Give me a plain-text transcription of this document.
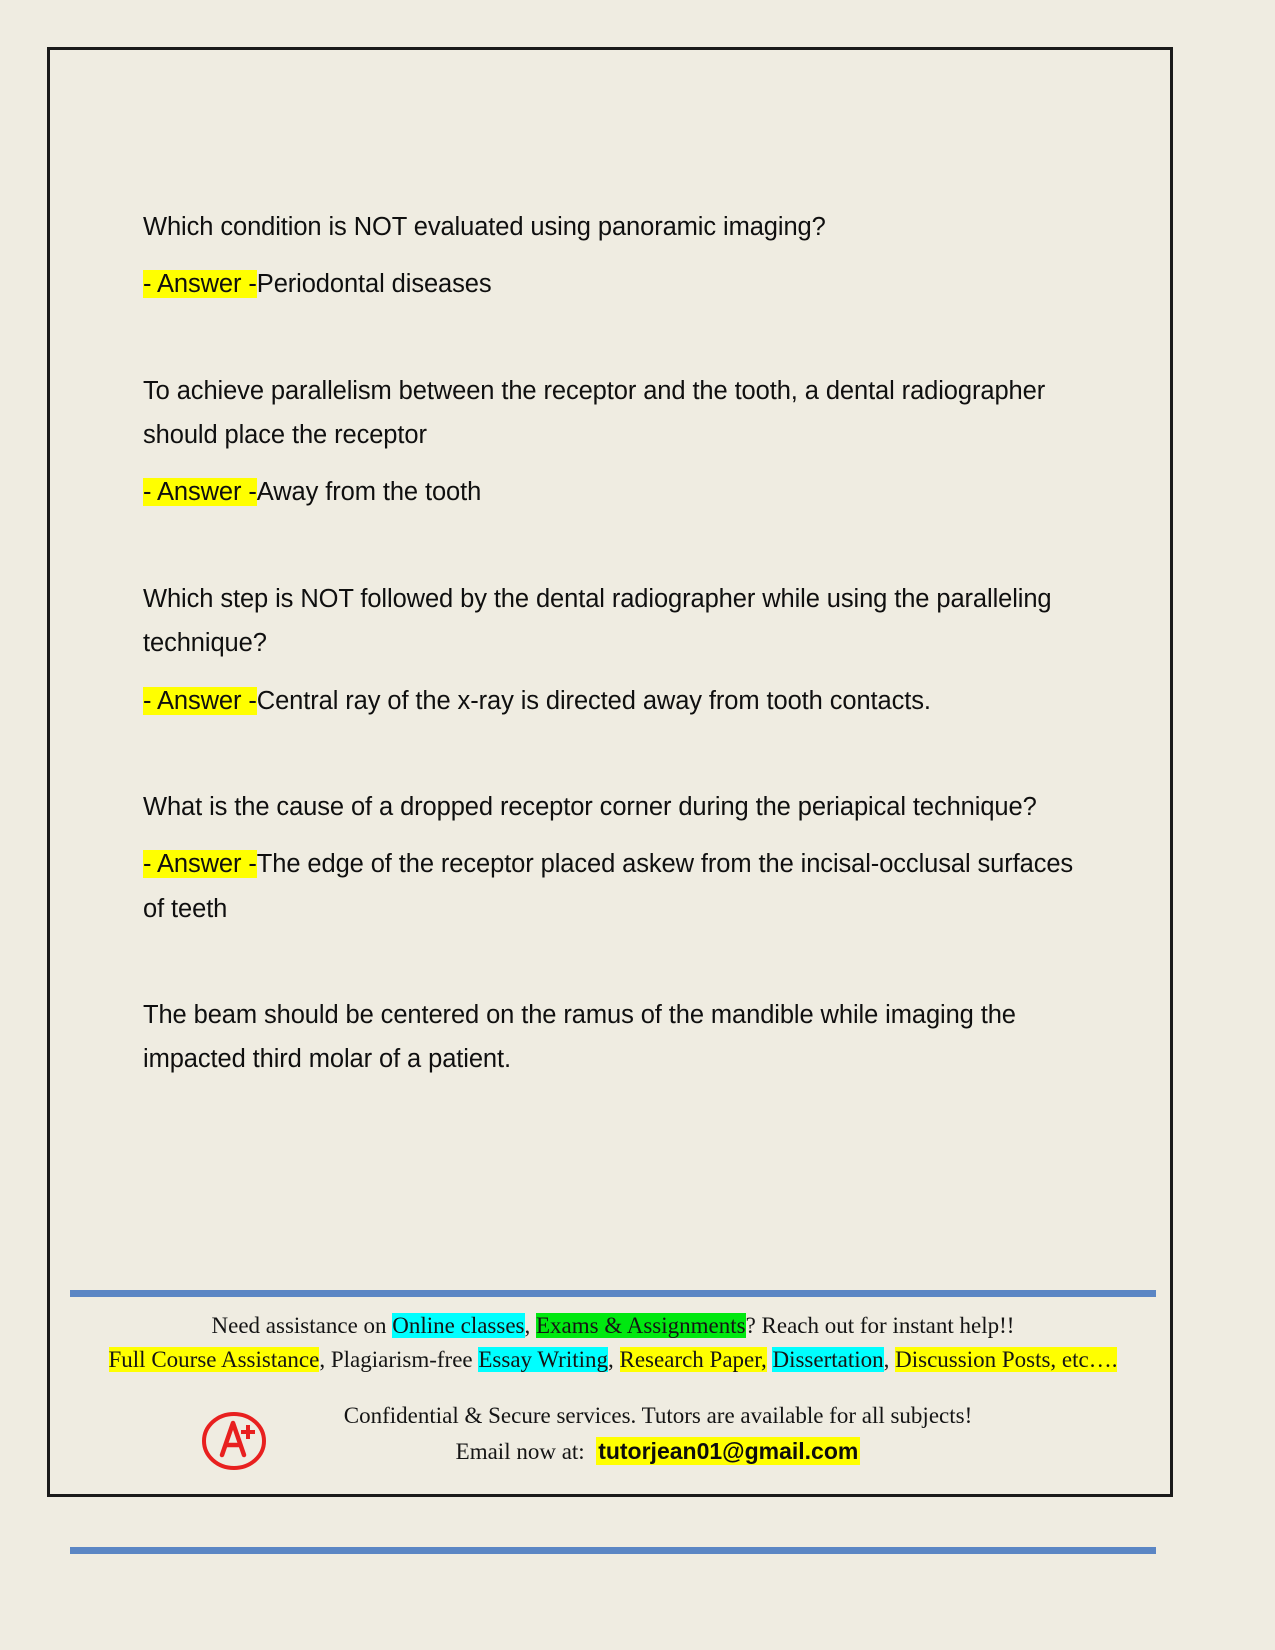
Which condition is NOT evaluated using panoramic imaging?
- Answer -Periodontal diseases
To achieve parallelism between the receptor and the tooth, a dental radiographer should place the receptor
- Answer -Away from the tooth
Which step is NOT followed by the dental radiographer while using the paralleling technique?
- Answer -Central ray of the x-ray is directed away from tooth contacts.
What is the cause of a dropped receptor corner during the periapical technique?
- Answer -The edge of the receptor placed askew from the incisal-occlusal surfaces of teeth
The beam should be centered on the ramus of the mandible while imaging the impacted third molar of a patient.
Need assistance on Online classes, Exams & Assignments? Reach out for instant help!!
Full Course Assistance, Plagiarism-free Essay Writing, Research Paper, Dissertation, Discussion Posts, etc….
Confidential & Secure services. Tutors are available for all subjects!
Email now at: tutorjean01@gmail.com
